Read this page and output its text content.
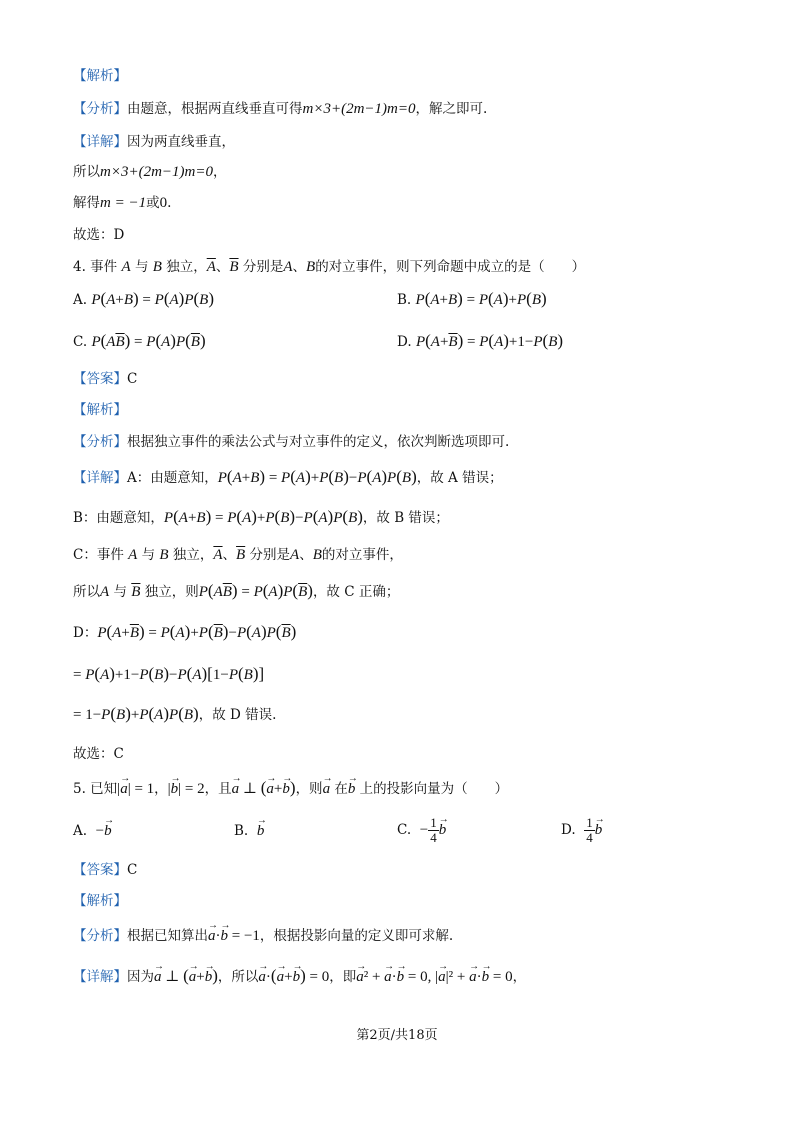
【解析】
【分析】由题意，根据两直线垂直可得m×3+(2m−1)m=0，解之即可.
【详解】因为两直线垂直，
所以m×3+(2m−1)m=0，
解得m = −1或0.
故选：D
4. 事件 A 与 B 独立，$\overline{A}$、$\overline{B}$ 分别是A、B的对立事件，则下列命题中成立的是（　　）
A. P(A+B) = P(A)P(B)	B. P(A+B) = P(A)+P(B)
C. $P(A\overline{B}) = P(A)P(\overline{B})$	D. $P(A+\overline{B}) = P(A)+1-P(B)$
【答案】C
【解析】
【分析】根据独立事件的乘法公式与对立事件的定义，依次判断选项即可.
【详解】A：由题意知，P(A+B) = P(A)+P(B)−P(A)P(B)，故 A 错误；
B：由题意知，P(A+B) = P(A)+P(B)−P(A)P(B)，故 B 错误；
C：事件 A 与 B 独立，$\overline{A}$、$\overline{B}$ 分别是A、B的对立事件，
所以A 与 $\overline{B}$ 独立，则$P(A\overline{B}) = P(A)P(\overline{B})$，故 C 正确；
D：$P(A+\overline{B}) = P(A)+P(\overline{B})-P(A)P(\overline{B})$
= P(A)+1−P(B)−P(A)[1−P(B)]
= 1−P(B)+P(A)P(B)，故 D 错误.
故选：C
5. 已知|→ a| = 1，|→ b| = 2，且→ a ⊥ (→ a+→ b)，则→ a 在→ b 上的投影向量为（　　）
A. −→ b	B. → b	C. − $\frac{1}{4} \to b$	D. $\frac{1}{4} \to b$
【答案】C
【解析】
【分析】根据已知算出→ a·→ b = −1，根据投影向量的定义即可求解.
【详解】因为→ a ⊥ (→ a+→ b)，所以→ a·(→ a+→ b) = 0，即→ a² + → a·→ b = 0, |→ a|² + → a·→ b = 0，
第2页/共18页
